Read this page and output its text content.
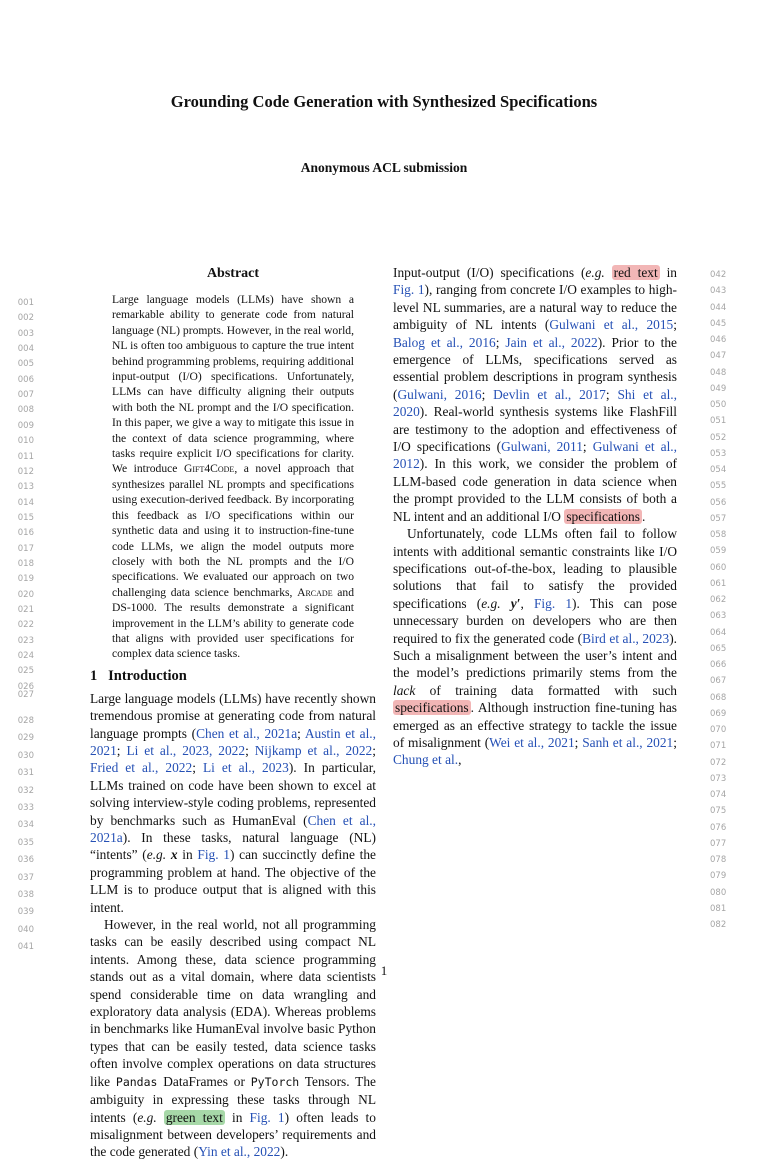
Grounding Code Generation with Synthesized Specifications
Anonymous ACL submission
Abstract
Large language models (LLMs) have shown a remarkable ability to generate code from natural language (NL) prompts. However, in the real world, NL is often too ambiguous to capture the true intent behind programming problems, requiring additional input-output (I/O) specifications. Unfortunately, LLMs can have difficulty aligning their outputs with both the NL prompt and the I/O specification. In this paper, we give a way to mitigate this issue in the context of data science programming, where tasks require explicit I/O specifications for clarity. We introduce Gift4Code, a novel approach that synthesizes parallel NL prompts and specifications using execution-derived feedback. By incorporating this feedback as I/O specifications within our synthetic data and using it to instruction-fine-tune code LLMs, we align the model outputs more closely with both the NL prompts and the I/O specifications. We evaluated our approach on two challenging data science benchmarks, Arcade and DS-1000. The results demonstrate a significant improvement in the LLM’s ability to generate code that aligns with provided user specifications for complex data science tasks.
1 Introduction

Large language models (LLMs) have recently shown tremendous promise at generating code from natural language prompts (Chen et al., 2021a; Austin et al., 2021; Li et al., 2023, 2022; Nijkamp et al., 2022; Fried et al., 2022; Li et al., 2023). In particular, LLMs trained on code have been shown to excel at solving interview-style coding problems, represented by benchmarks such as HumanEval (Chen et al., 2021a). In these tasks, natural language (NL) “intents” (e.g. x in Fig. 1) can succinctly define the programming problem at hand. The objective of the LLM is to produce output that is aligned with this intent.

However, in the real world, not all programming tasks can be easily described using compact NL intents. Among these, data science programming stands out as a vital domain, where data scientists spend considerable time on data wrangling and exploratory data analysis (EDA). Whereas problems in benchmarks like HumanEval involve basic Python types that can be easily tested, data science tasks often involve complex operations on data structures like Pandas DataFrames or PyTorch Tensors. The ambiguity in expressing these tasks through NL intents (e.g. green text in Fig. 1) often leads to misalignment between developers’ requirements and the code generated (Yin et al., 2022).

Input-output (I/O) specifications (e.g. red text in Fig. 1), ranging from concrete I/O examples to high-level NL summaries, are a natural way to reduce the ambiguity of NL intents (Gulwani et al., 2015; Balog et al., 2016; Jain et al., 2022). Prior to the emergence of LLMs, specifications served as essential problem descriptions in program synthesis (Gulwani, 2016; Devlin et al., 2017; Shi et al., 2020). Real-world synthesis systems like FlashFill are testimony to the adoption and effectiveness of I/O specifications (Gulwani, 2011; Gulwani et al., 2012). In this work, we consider the problem of LLM-based code generation in data science when the prompt provided to the LLM consists of both a NL intent and an additional I/O specifications .

Unfortunately, code LLMs often fail to follow intents with additional semantic constraints like I/O specifications out-of-the-box, leading to plausible solutions that fail to satisfy the provided specifications (e.g. y′, Fig. 1). This can pose unnecessary burden on developers who are then required to fix the generated code (Bird et al., 2023). Such a misalignment between the user’s intent and the model’s predictions primarily stems from the lack of training data formatted with such specifications . Although instruction fine-tuning has emerged as an effective strategy to tackle the issue of misalignment (Wei et al., 2021; Sanh et al., 2021; Chung et al.,

001
002
003
004
005
006
007
008
009
010
011
012
013
014
015
016
017
018
019
020
021
022
023
024
025
026
027
028
029
030
031
032
033
034
035
036
037
038
039
040
041
042
043
044
045
046
047
048
049
050
051
052
053
054
055
056
057
058
059
060
061
062
063
064
065
066
067
068
069
070
071
072
073
074
075
076
077
078
079
080
081
082
1
